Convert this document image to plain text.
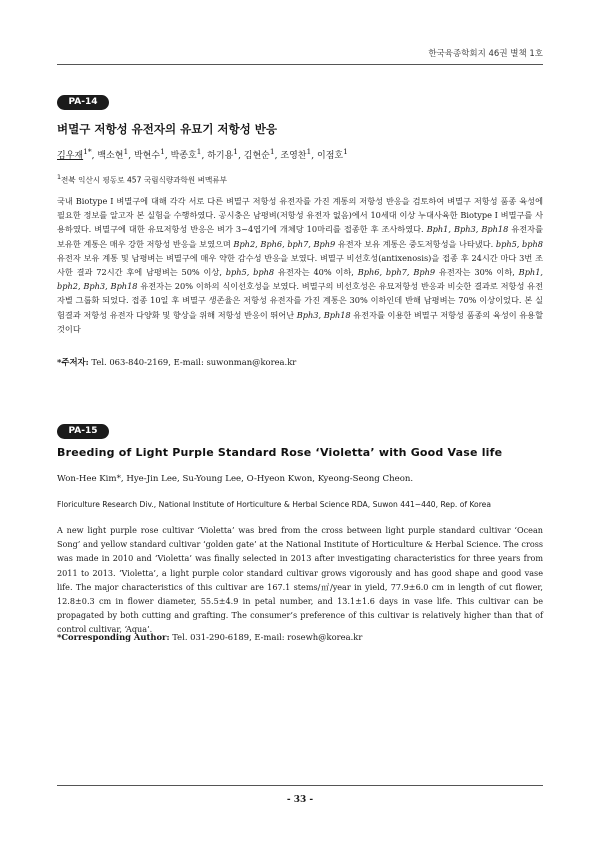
한국육종학회지 46권 별책 1호
PA-14
벼멸구 저항성 유전자의 유묘기 저항성 반응
김우재$^{1*}$, 백소현$^1$, 박현수$^1$, 박종호$^1$, 하기용$^1$, 김현순$^1$, 조영찬$^1$, 이점호$^1$
$^1$전북 익산시 평동로 457 국립식량과학원 벼맥류부
국내 Biotype I 벼멸구에 대해 각각 서로 다른 벼멸구 저항성 유전자를 가진 계통의 저항성 반응을 검토하여 벼멸구 저항성 품종 육성에 필요한 정보를 알고자 본 실험을 수행하였다. 공시충은 남평벼(저항성 유전자 없음)에서 10세대 이상 누대사육한 Biotype I 벼멸구를 사용하였다. 벼멸구에 대한 유묘저항성 반응은 벼가 3~4엽기에 개체당 10마리를 접종한 후 조사하였다. Bph1, Bph3, Bph18 유전자를 보유한 계통은 매우 강한 저항성 반응을 보였으며 Bph2, Bph6, bph7, Bph9 유전자 보유 계통은 중도저항성을 나타냈다. bph5, bph8 유전자 보유 계통 및 남평벼는 벼멸구에 매우 약한 감수성 반응을 보였다. 벼멸구 비선호성(antixenosis)을 접종 후 24시간 마다 3번 조사한 결과 72시간 후에 남평벼는 50% 이상, bph5, bph8 유전자는 40% 이하, Bph6, bph7, Bph9 유전자는 30% 이하, Bph1, bph2, Bph3, Bph18 유전자는 20% 이하의 식이선호성을 보였다. 벼멸구의 비선호성은 유묘저항성 반응과 비슷한 결과로 저항성 유전자별 그룹화 되었다. 접종 10일 후 벼멸구 생존율은 저항성 유전자를 가진 계통은 30% 이하인데 반해 남평벼는 70% 이상이었다. 본 실험결과 저항성 유전자 다양화 및 향상을 위해 저항성 반응이 뛰어난 Bph3, Bph18 유전자를 이용한 벼멸구 저항성 품종의 육성이 유용할 것이다
*주저자: Tel. 063-840-2169, E-mail: suwonman@korea.kr
PA-15
Breeding of Light Purple Standard Rose ‘Violetta’ with Good Vase life
Won-Hee Kim*, Hye-Jin Lee, Su-Young Lee, O-Hyeon Kwon, Kyeong-Seong Cheon.
Floriculture Research Div., National Institute of Horticulture & Herbal Science RDA, Suwon 441−440, Rep. of Korea
A new light purple rose cultivar ‘Violetta’ was bred from the cross between light purple standard cultivar ‘Ocean Song’ and yellow standard cultivar ‘golden gate’ at the National Institute of Horticulture & Herbal Science. The cross was made in 2010 and ‘Violetta’ was finally selected in 2013 after investigating characteristics for three years from 2011 to 2013. ‘Violetta’, a light purple color standard cultivar grows vigorously and has good shape and good vase life. The major characteristics of this cultivar are 167.1 stems/㎡/year in yield, 77.9±6.0 cm in length of cut flower, 12.8±0.3 cm in flower diameter, 55.5±4.9 in petal number, and 13.1±1.6 days in vase life. This cultivar can be propagated by both cutting and grafting. The consumer’s preference of this cultivar is relatively higher than that of control cultivar, ‘Aqua’.
*Corresponding Author: Tel. 031-290-6189, E-mail: rosewh@korea.kr
- 33 -
